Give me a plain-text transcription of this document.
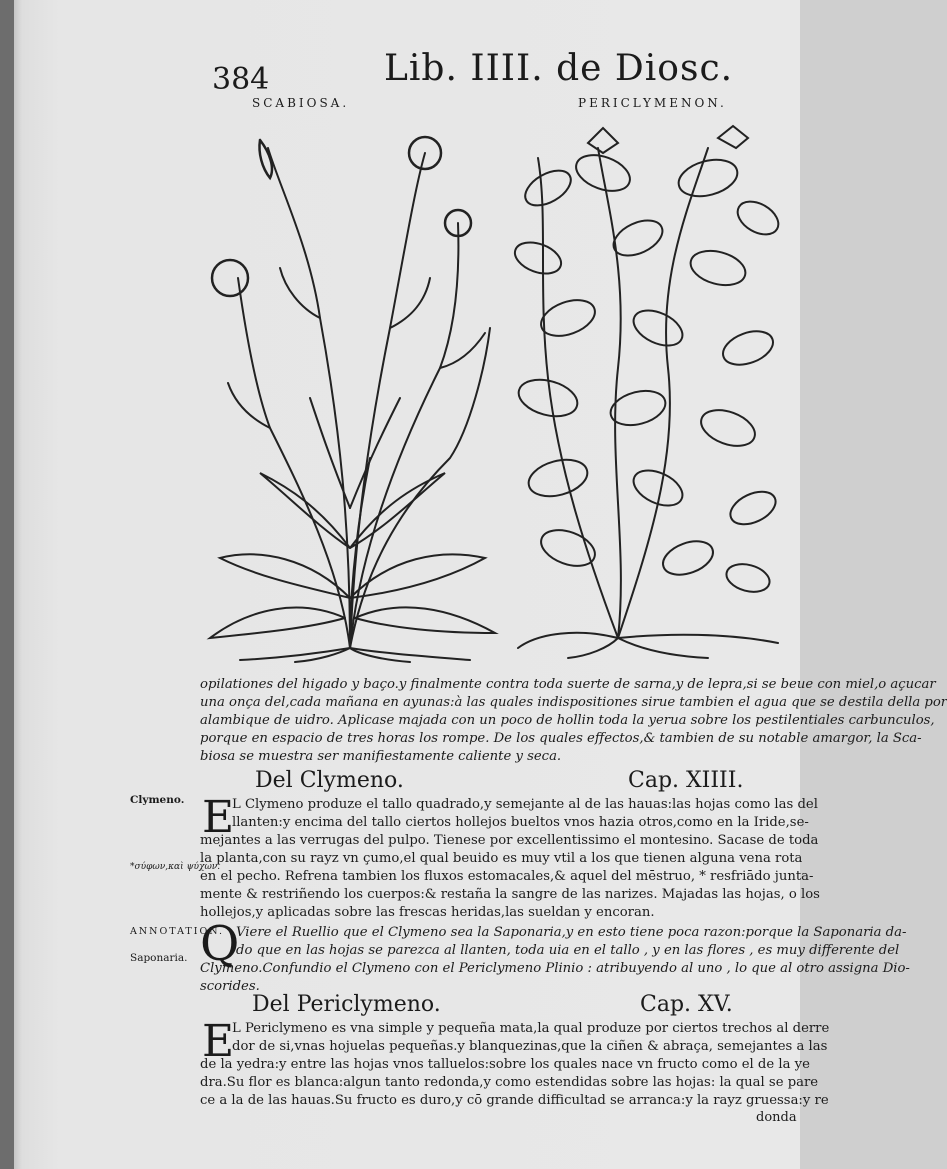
384	Lib. IIII. de Diosc.
SCABIOSA.	PERICLYMENON.
opilationes del higado y baço.y finalmente contra toda suerte de sarna,y de lepra,si se beue con miel,o açucar
una onça del,cada mañana en ayunas:à las quales indispositiones sirue tambien el agua que se destila della por
alambique de uidro. Aplicase majada con un poco de hollin toda la yerua sobre los pestilentiales carbunculos,
porque en espacio de tres horas los rompe. De los quales effectos,& tambien de su notable amargor, la Sca-
biosa se muestra ser manifiestamente caliente y seca.
Del Clymeno.	Cap. XIIII.
Clymeno.
*σύφων,καὶ ψύχων.
E
L Clymeno produze el tallo quadrado,y semejante al de las hauas:las hojas como las del
llanten:y encima del tallo ciertos hollejos bueltos vnos hazia otros,como en la Iride,se-
mejantes a las verrugas del pulpo. Tienese por excellentissimo el montesino. Sacase de toda
la planta,con su rayz vn çumo,el qual beuido es muy vtil a los que tienen alguna vena rota
en el pecho. Refrena tambien los fluxos estomacales,& aquel del mēstruo, * resfriādo junta-
mente & restriñendo los cuerpos:& restaña la sangre de las narizes. Majadas las hojas, o los
hollejos,y aplicadas sobre las frescas heridas,las sueldan y encoran.
ANNOTATION.
Saponaria. Q
Viere el Ruellio que el Clymeno sea la Saponaria,y en esto tiene poca razon:porque la Saponaria da-
do que en las hojas se parezca al llanten, toda uia en el tallo , y en las flores , es muy differente del
Clymeno.Confundio el Clymeno con el Periclymeno Plinio : atribuyendo al uno , lo que al otro assigna Dio-
scorides.
Del Periclymeno.	Cap. XV.
E
L Periclymeno es vna simple y pequeña mata,la qual produze por ciertos trechos al derre
dor de si,vnas hojuelas pequeñas.y blanquezinas,que la ciñen & abraça, semejantes a las
de la yedra:y entre las hojas vnos talluelos:sobre los quales nace vn fructo como el de la ye
dra.Su flor es blanca:algun tanto redonda,y como estendidas sobre las hojas: la qual se pare
ce a la de las hauas.Su fructo es duro,y cō grande difficultad se arranca:y la rayz gruessa:y re
donda
